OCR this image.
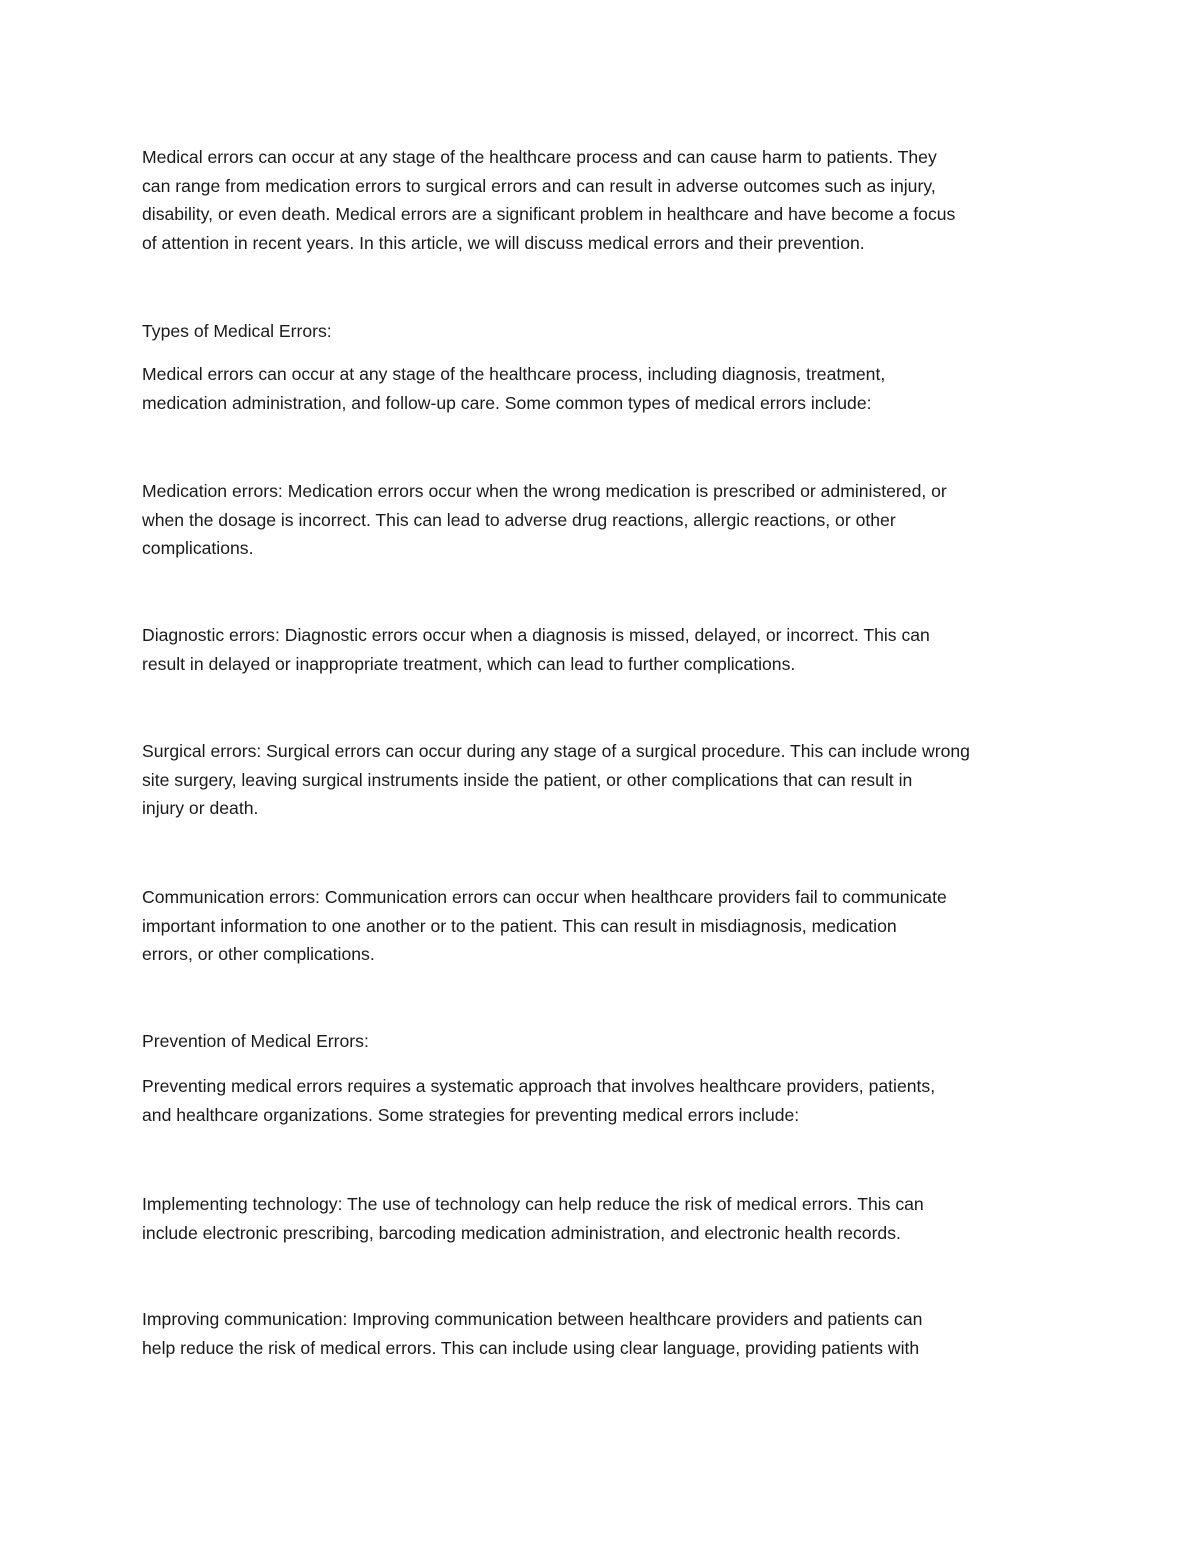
Medical errors can occur at any stage of the healthcare process and can cause harm to patients. They
can range from medication errors to surgical errors and can result in adverse outcomes such as injury,
disability, or even death. Medical errors are a significant problem in healthcare and have become a focus
of attention in recent years. In this article, we will discuss medical errors and their prevention.

Types of Medical Errors:

Medical errors can occur at any stage of the healthcare process, including diagnosis, treatment,
medication administration, and follow-up care. Some common types of medical errors include:

Medication errors: Medication errors occur when the wrong medication is prescribed or administered, or
when the dosage is incorrect. This can lead to adverse drug reactions, allergic reactions, or other
complications.

Diagnostic errors: Diagnostic errors occur when a diagnosis is missed, delayed, or incorrect. This can
result in delayed or inappropriate treatment, which can lead to further complications.

Surgical errors: Surgical errors can occur during any stage of a surgical procedure. This can include wrong
site surgery, leaving surgical instruments inside the patient, or other complications that can result in
injury or death.

Communication errors: Communication errors can occur when healthcare providers fail to communicate
important information to one another or to the patient. This can result in misdiagnosis, medication
errors, or other complications.

Prevention of Medical Errors:

Preventing medical errors requires a systematic approach that involves healthcare providers, patients,
and healthcare organizations. Some strategies for preventing medical errors include:

Implementing technology: The use of technology can help reduce the risk of medical errors. This can
include electronic prescribing, barcoding medication administration, and electronic health records.

Improving communication: Improving communication between healthcare providers and patients can
help reduce the risk of medical errors. This can include using clear language, providing patients with
